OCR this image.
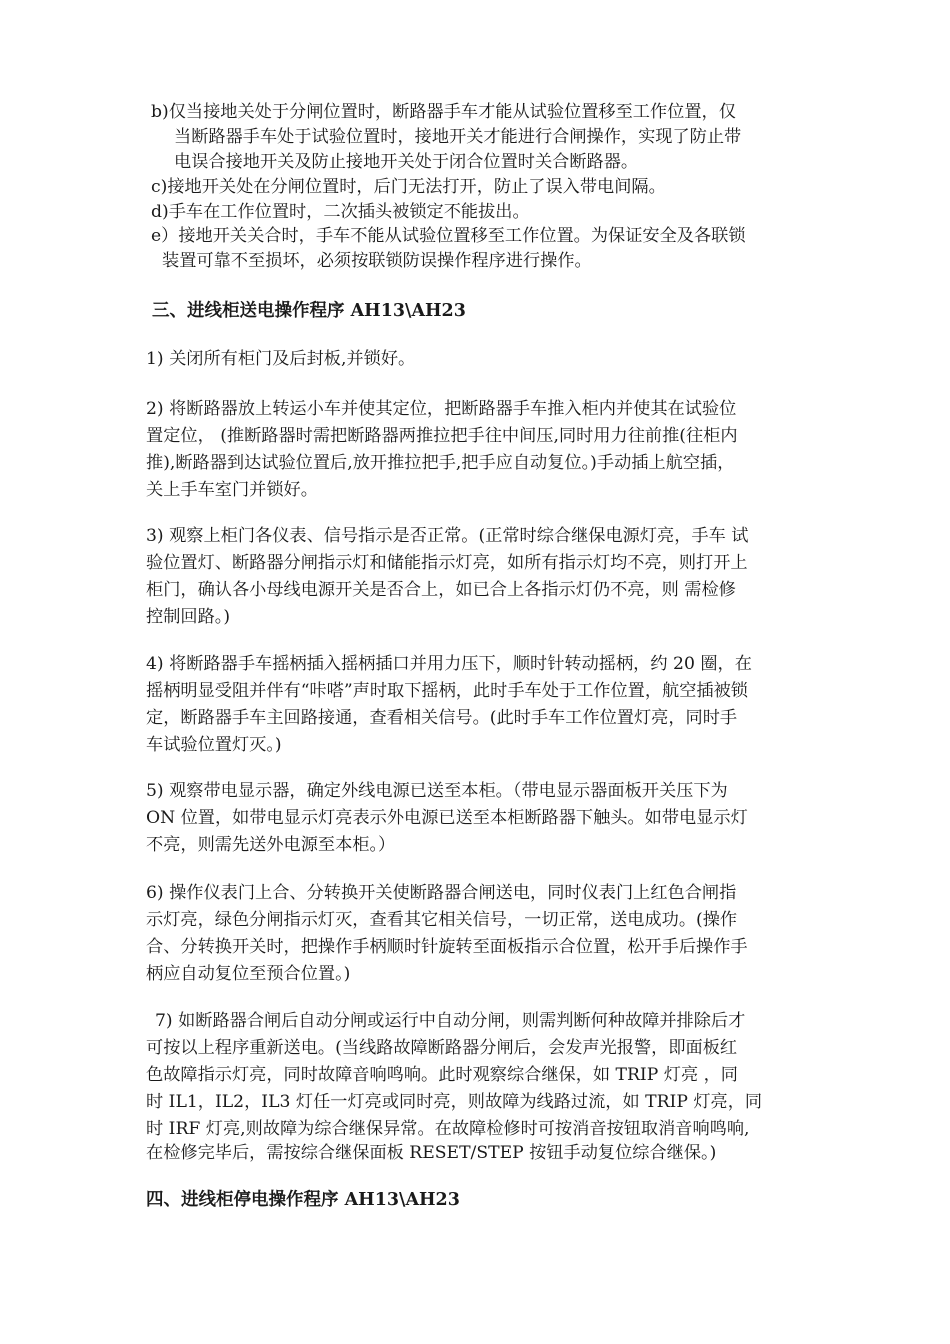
b)仅当接地关处于分闸位置时，断路器手车才能从试验位置移至工作位置，仅
当断路器手车处于试验位置时，接地开关才能进行合闸操作，实现了防止带
电误合接地开关及防止接地开关处于闭合位置时关合断路器。
c)接地开关处在分闸位置时，后门无法打开，防止了误入带电间隔。
d)手车在工作位置时，二次插头被锁定不能拔出。
e）接地开关关合时，手车不能从试验位置移至工作位置。为保证安全及各联锁
装置可靠不至损坏，必须按联锁防误操作程序进行操作。
三、进线柜送电操作程序 AH13\AH23
1) 关闭所有柜门及后封板,并锁好。
2) 将断路器放上转运小车并使其定位，把断路器手车推入柜内并使其在试验位
置定位， (推断路器时需把断路器两推拉把手往中间压,同时用力往前推(往柜内
推),断路器到达试验位置后,放开推拉把手,把手应自动复位。)手动插上航空插，
关上手车室门并锁好。
3) 观察上柜门各仪表、信号指示是否正常。(正常时综合继保电源灯亮，手车 试
验位置灯、断路器分闸指示灯和储能指示灯亮，如所有指示灯均不亮，则打开上
柜门，确认各小母线电源开关是否合上，如已合上各指示灯仍不亮，则 需检修
控制回路。)
4) 将断路器手车摇柄插入摇柄插口并用力压下，顺时针转动摇柄，约 20 圈，在
摇柄明显受阻并伴有“咔嗒”声时取下摇柄，此时手车处于工作位置，航空插被锁
定，断路器手车主回路接通，查看相关信号。(此时手车工作位置灯亮，同时手
车试验位置灯灭。)
5) 观察带电显示器，确定外线电源已送至本柜。（带电显示器面板开关压下为
ON 位置，如带电显示灯亮表示外电源已送至本柜断路器下触头。如带电显示灯
不亮，则需先送外电源至本柜。）
6) 操作仪表门上合、分转换开关使断路器合闸送电，同时仪表门上红色合闸指
示灯亮，绿色分闸指示灯灭，查看其它相关信号，一切正常，送电成功。(操作
合、分转换开关时，把操作手柄顺时针旋转至面板指示合位置，松开手后操作手
柄应自动复位至预合位置。)
7) 如断路器合闸后自动分闸或运行中自动分闸，则需判断何种故障并排除后才
可按以上程序重新送电。(当线路故障断路器分闸后，会发声光报警，即面板红
色故障指示灯亮，同时故障音响鸣响。此时观察综合继保，如 TRIP 灯亮 ，同
时 IL1，IL2，IL3 灯任一灯亮或同时亮，则故障为线路过流，如 TRIP 灯亮，同
时 IRF 灯亮,则故障为综合继保异常。在故障检修时可按消音按钮取消音响鸣响,
在检修完毕后，需按综合继保面板 RESET/STEP 按钮手动复位综合继保。)
四、进线柜停电操作程序 AH13\AH23
